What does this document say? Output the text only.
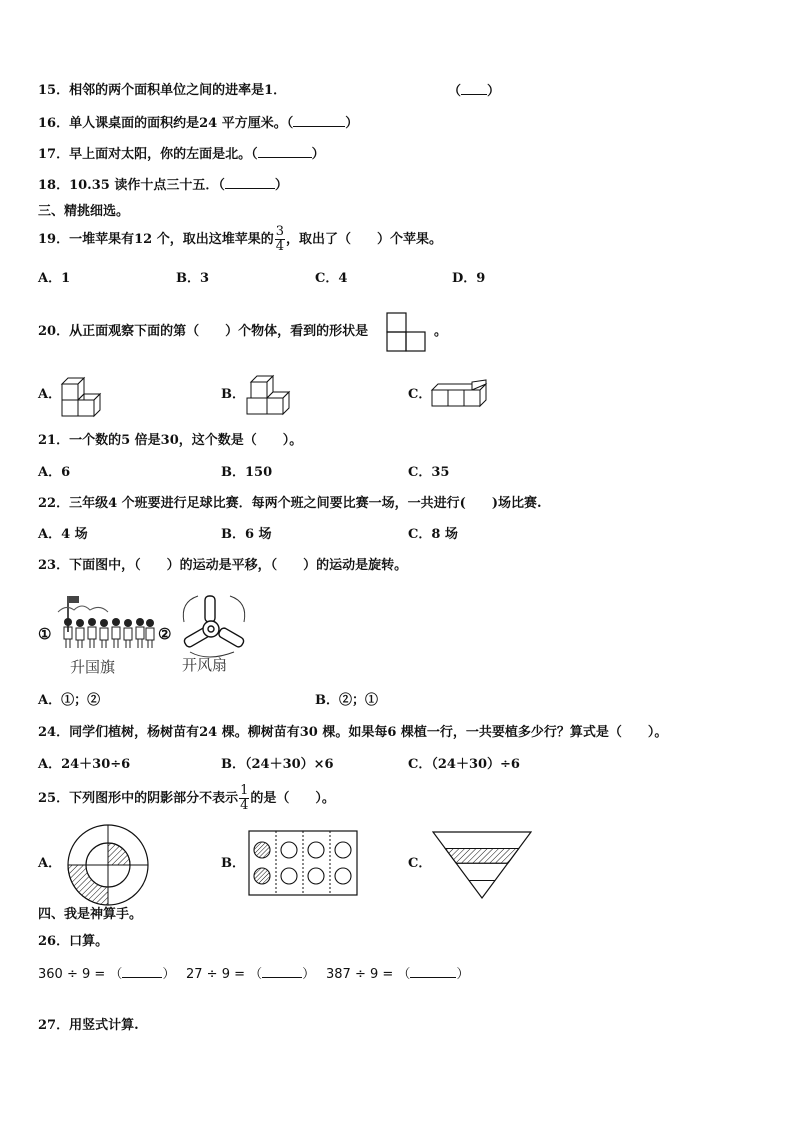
15．相邻的两个面积单位之间的进率是1．	（ ）
16．单人课桌面的面积约是24 平方厘米。（	）
17．早上面对太阳，你的左面是北。（	）
18．10.35 读作十点三十五．（	）
三、精挑细选。
19．一堆苹果有12 个，取出这堆苹果的 $\frac{3}{4}$ ，取出了（　　）个苹果。
A．1	B．3	C．4	D．9
20．从正面观察下面的第（　　）个物体，看到的形状是	。
A．	B．	C．
21．一个数的5 倍是30，这个数是（　　）。
A．6	B．150	C．35
22．三年级4 个班要进行足球比赛．每两个班之间要比赛一场，一共进行(　　)场比赛.
A．4 场	B．6 场	C．8 场
23．下面图中，（　　）的运动是平移，（　　）的运动是旋转。
①
升国旗
②
开风扇
A．①；②	B．②；①
24．同学们植树，杨树苗有24 棵。柳树苗有30 棵。如果每6 棵植一行，一共要植多少行？算式是（　　）。
A．24＋30÷6	B．（24＋30）×6	C．（24＋30）÷6
25．下列图形中的阴影部分不表示 $\frac{1}{4}$ 的是（　　）。
A．	B．	C．
四、我是神算手。
26．口算。
360 ÷ 9 = （	） 27 ÷ 9 = （	） 387 ÷ 9 = （	）
27．用竖式计算.
